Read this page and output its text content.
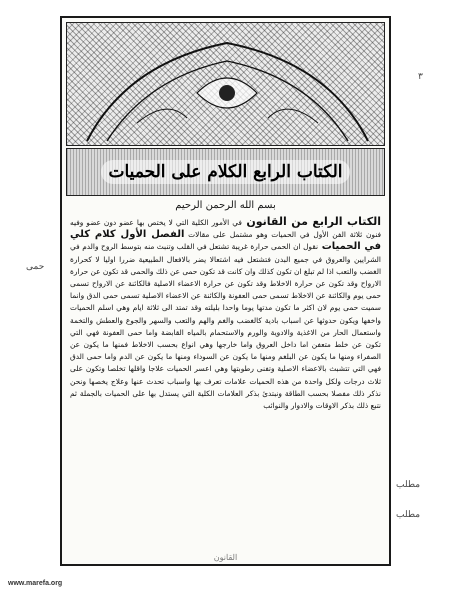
الكتاب الرابع الكلام على الحميات
بسم الله الرحمن الرحيم
الكتاب الرابع من القانون في الأمور الكلية التي لا يختص بها عضو دون عضو وفيه فنون ثلاثة الفن الأول في الحميات وهو مشتمل على مقالات الفصل الأول كلام كلي في الحميات نقول ان الحمى حرارة غريبة تشتعل في القلب وتنبث منه بتوسط الروح والدم في الشرايين والعروق في جميع البدن فتشتعل فيه اشتعالا يضر بالافعال الطبيعية ضررا اوليا لا كحرارة الغضب والتعب اذا لم تبلغ ان تكون كذلك وان كانت قد تكون حمى عن ذلك والحمى قد تكون عن حرارة الارواح وقد تكون عن حرارة الاخلاط وقد تكون عن حرارة الاعضاء الاصلية فالكائنة عن الارواح تسمى حمى يوم والكائنة عن الاخلاط تسمى حمى العفونة والكائنة عن الاعضاء الاصلية تسمى حمى الدق وانما سميت حمى يوم لان اكثر ما تكون مدتها يوما واحدا بليلته وقد تمتد الى ثلاثة ايام وهي اسلم الحميات واخفها ويكون حدوثها عن اسباب بادية كالغضب والغم والهم والتعب والسهر والجوع والعطش والتخمة واستعمال الحار من الاغذية والادوية والورم والاستحمام بالمياه القابضة واما حمى العفونة فهي التي تكون عن خلط متعفن اما داخل العروق واما خارجها وهي انواع بحسب الاخلاط فمنها ما يكون عن الصفراء ومنها ما يكون عن البلغم ومنها ما يكون عن السوداء ومنها ما يكون عن الدم واما حمى الدق فهي التي تتشبث بالاعضاء الاصلية وتفنى رطوبتها وهي اعسر الحميات علاجا واقلها تخلصا وتكون على ثلاث درجات ولكل واحدة من هذه الحميات علامات تعرف بها واسباب تحدث عنها وعلاج يخصها ونحن نذكر ذلك مفصلا بحسب الطاقة ونبتدئ بذكر العلامات الكلية التي يستدل بها على الحميات بالجملة ثم نتبع ذلك بذكر الاوقات والادوار والنوائب
القانون
٣
حمى
مطلب
مطلب
www.marefa.org
